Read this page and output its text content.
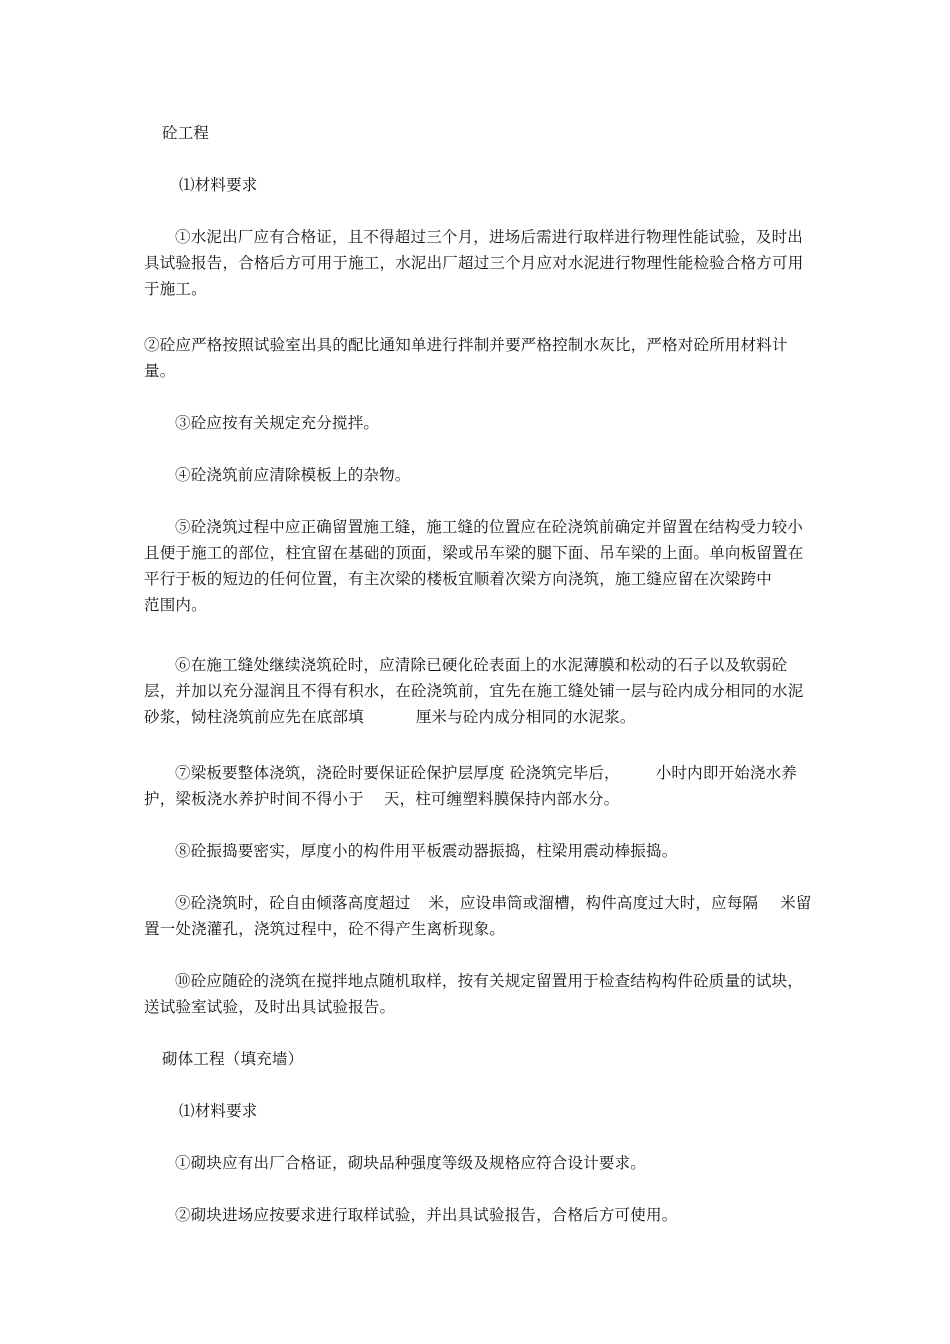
砼工程

⑴材料要求

①水泥出厂应有合格证，且不得超过三个月，进场后需进行取样进行物理性能试验，及时出具试验报告，合格后方可用于施工，水泥出厂超过三个月应对水泥进行物理性能检验合格方可用于施工。

②砼应严格按照试验室出具的配比通知单进行拌制并要严格控制水灰比，严格对砼所用材料计量。

③砼应按有关规定充分搅拌。

④砼浇筑前应清除模板上的杂物。

⑤砼浇筑过程中应正确留置施工缝，施工缝的位置应在砼浇筑前确定并留置在结构受力较小且便于施工的部位，柱宜留在基础的顶面，梁或吊车梁的腿下面、吊车梁的上面。单向板留置在平行于板的短边的任何位置，有主次梁的楼板宜顺着次梁方向浇筑，施工缝应留在次梁跨中范围内。

⑥在施工缝处继续浇筑砼时，应清除已硬化砼表面上的水泥薄膜和松动的石子以及软弱砼层，并加以充分湿润且不得有积水，在砼浇筑前，宜先在施工缝处铺一层与砼内成分相同的水泥砂浆，恸柱浇筑前应先在底部填	厘米与砼内成分相同的水泥浆。

⑦梁板要整体浇筑，浇砼时要保证砼保护层厚度 砼浇筑完毕后， 小时内即开始浇水养护，梁板浇水养护时间不得小于 天，柱可缠塑料膜保持内部水分。

⑧砼振捣要密实，厚度小的构件用平板震动器振捣，柱梁用震动棒振捣。

⑨砼浇筑时，砼自由倾落高度超过 米，应设串筒或溜槽，构件高度过大时，应每隔 米留置一处浇灌孔，浇筑过程中，砼不得产生离析现象。

⑩砼应随砼的浇筑在搅拌地点随机取样，按有关规定留置用于检查结构构件砼质量的试块，送试验室试验，及时出具试验报告。

砌体工程（填充墙）

⑴材料要求

①砌块应有出厂合格证，砌块品种强度等级及规格应符合设计要求。

②砌块进场应按要求进行取样试验，并出具试验报告，合格后方可使用。
